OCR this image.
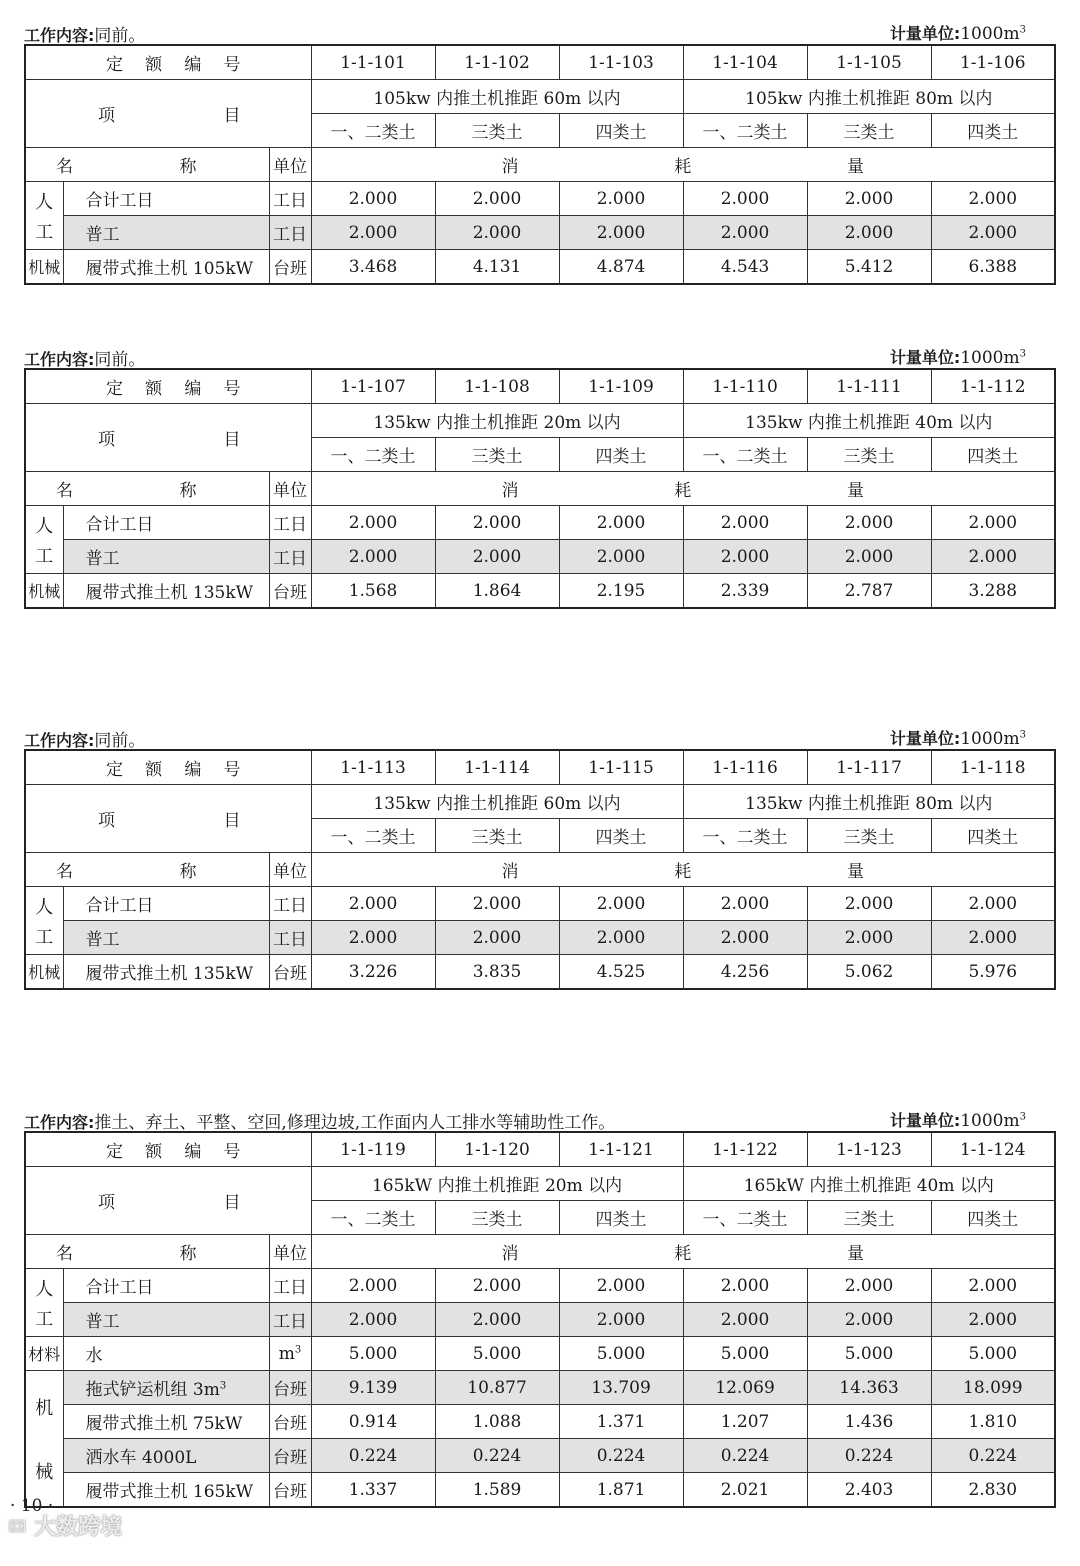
工作内容:同前。	计量单位$:1000m^3$
定 额 编 号			1-1-101	1-1-102	1-1-103	1-1-104	1-1-105	1-1-106

项 目			105kw 内推土机推距 60m 以内			105kw 内推土机推距 80m 以内		
			一、二类土	三类土	四类土	一、二类土	三类土	四类土

名 称		单位	消 耗 量					

人
工	合计工日	工日	2.000	2.000	2.000	2.000	2.000	2.000
	普工	工日	2.000	2.000	2.000	2.000	2.000	2.000
机械	履带式推土机 105kW	台班	3.468	4.131	4.874	4.543	5.412	6.388
工作内容:同前。	计量单位$:1000m^3$
定 额 编 号			1-1-107	1-1-108	1-1-109	1-1-110	1-1-111	1-1-112

项 目			135kw 内推土机推距 20m 以内			135kw 内推土机推距 40m 以内		
			一、二类土	三类土	四类土	一、二类土	三类土	四类土

名 称		单位	消 耗 量					

人
工	合计工日	工日	2.000	2.000	2.000	2.000	2.000	2.000
	普工	工日	2.000	2.000	2.000	2.000	2.000	2.000
机械	履带式推土机 135kW	台班	1.568	1.864	2.195	2.339	2.787	3.288
工作内容:同前。	计量单位$:1000m^3$
定 额 编 号			1-1-113	1-1-114	1-1-115	1-1-116	1-1-117	1-1-118

项 目			135kw 内推土机推距 60m 以内			135kw 内推土机推距 80m 以内		
			一、二类土	三类土	四类土	一、二类土	三类土	四类土

名 称		单位	消 耗 量					

人
工	合计工日	工日	2.000	2.000	2.000	2.000	2.000	2.000
	普工	工日	2.000	2.000	2.000	2.000	2.000	2.000
机械	履带式推土机 135kW	台班	3.226	3.835	4.525	4.256	5.062	5.976
工作内容:推土、弃土、平整、空回,修理边坡,工作面内人工排水等辅助性工作。	计量单位$:1000m^3$
定 额 编 号			1-1-119	1-1-120	1-1-121	1-1-122	1-1-123	1-1-124

项 目			165kW 内推土机推距 20m 以内			165kW 内推土机推距 40m 以内		
			一、二类土	三类土	四类土	一、二类土	三类土	四类土

名 称		单位	消 耗 量					

人
工	合计工日	工日	2.000	2.000	2.000	2.000	2.000	2.000
	普工	工日	2.000	2.000	2.000	2.000	2.000	2.000
材料	水	$m^3$	5.000	5.000	5.000	5.000	5.000	5.000

机
械	拖式铲运机组 $3m^3$	台班	9.139	10.877	13.709	12.069	14.363	18.099
	履带式推土机 75kW	台班	0.914	1.088	1.371	1.207	1.436	1.810
	洒水车 4000L	台班	0.224	0.224	0.224	0.224	0.224	0.224
	履带式推土机 165kW	台班	1.337	1.589	1.871	2.021	2.403	2.830
· 10 ·
✉ 大数跨境
